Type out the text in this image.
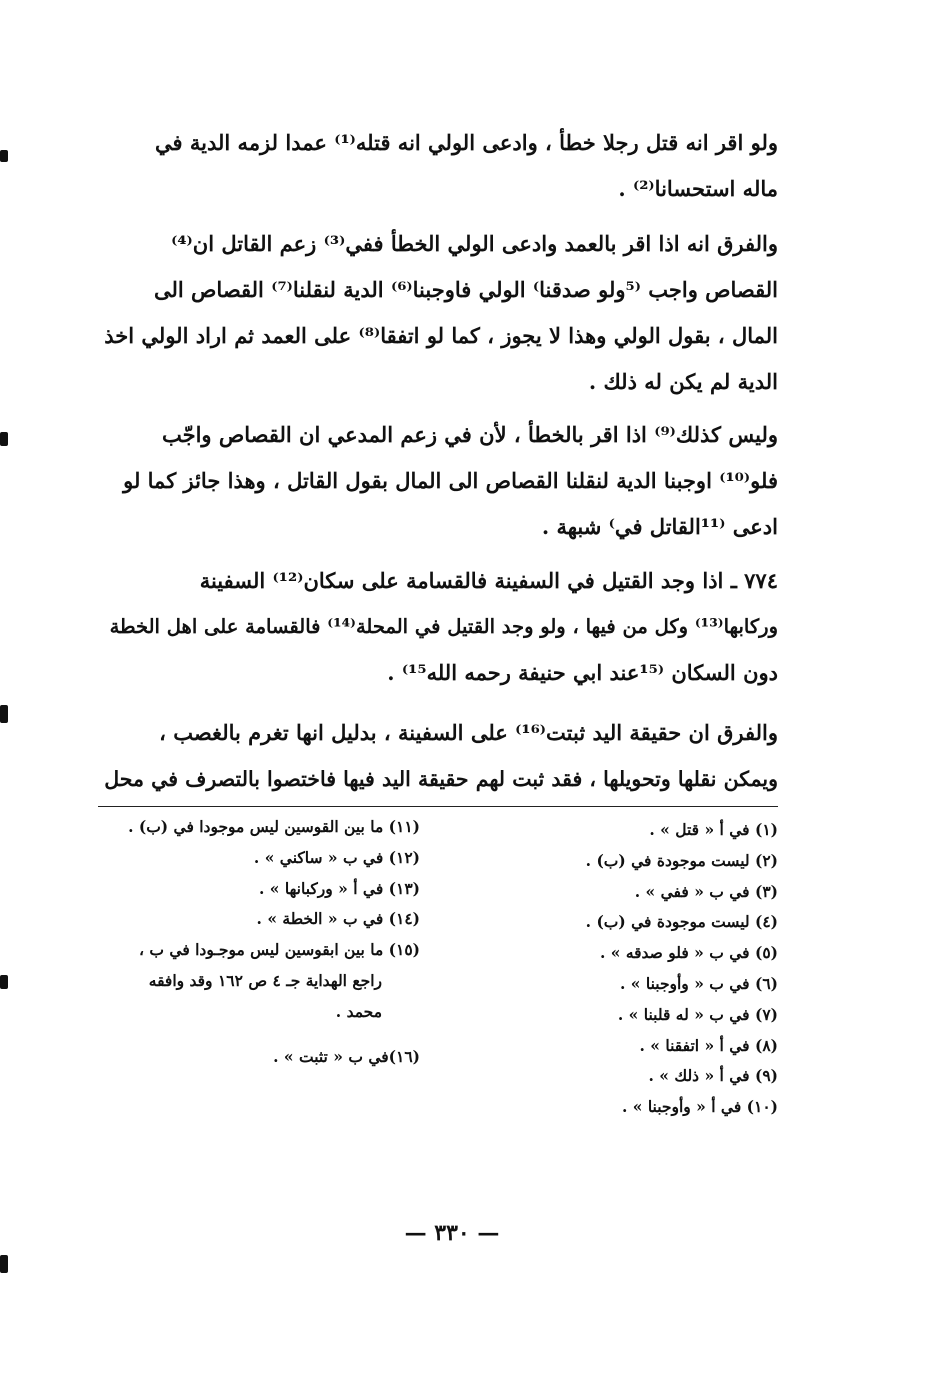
ولو اقر انه قتل رجلا خطأ ، وادعى الولي انه قتله⁽¹⁾ عمدا لزمه الدية في
ماله استحسانا⁽²⁾ .
والفرق انه اذا اقر بالعمد وادعى الولي الخطأ ففي⁽³⁾ زعم القاتل ان⁽⁴⁾
القصاص واجب ⁽⁵ولو صدقنا⁾ الولي فاوجبنا⁽⁶⁾ الدية لنقلنا⁽⁷⁾ القصاص الى
المال ، بقول الولي وهذا لا يجوز ، كما لو اتفقا⁽⁸⁾ على العمد ثم اراد الولي اخذ
الدية لم يكن له ذلك .
وليس كذلك⁽⁹⁾ اذا اقر بالخطأ ، لأن في زعم المدعي ان القصاص واجّب
فلو⁽¹⁰⁾ اوجبنا الدية لنقلنا القصاص الى المال بقول القاتل ، وهذا جائز كما لو
ادعى ⁽¹¹القاتل في⁾ شبهة .
٧٧٤ ـ اذا وجد القتيل في السفينة فالقسامة على سكان⁽¹²⁾ السفينة
وركابها⁽¹³⁾ وكل من فيها ، ولو وجد القتيل في المحلة⁽¹⁴⁾ فالقسامة على اهل الخطة
دون السكان ⁽¹⁵عند ابي حنيفة رحمه الله¹⁵⁾ .
والفرق ان حقيقة اليد ثبتت⁽¹⁶⁾ على السفينة ، بدليل انها تغرم بالغصب ،
ويمكن نقلها وتحويلها ، فقد ثبت لهم حقيقة اليد فيها فاختصوا بالتصرف في محل
(١) في أ « قتل » .
(٢) ليست موجودة في (ب) .
(٣) في ب « ففي » .
(٤) ليست موجودة في (ب) .
(٥) في ب « فلو صدقه » .
(٦) في ب « وأوجبنا » .
(٧) في ب « له قلبنا » .
(٨) في أ « اتفقنا » .
(٩) في أ « ذلك » .
(١٠) في أ « وأوجبنا » .
(١١) ما بين القوسين ليس موجودا في (ب) .
(١٢) في ب « ساكني » .
(١٣) في أ « وركبانها » .
(١٤) في ب « الخطة » .
(١٥) ما بين ابقوسين ليس موجـودا في ب ،
راجع الهداية جـ ٤ ص ١٦٢ وقد وافقه
محمد .
(١٦)في ب « تثبت » .
— ٣٣٠ —
